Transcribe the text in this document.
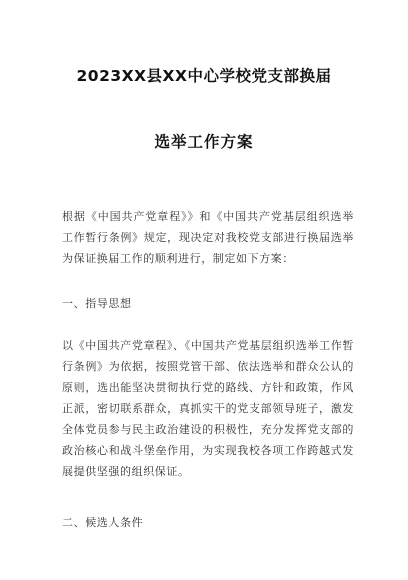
2023XX县XX中心学校党支部换届
选举工作方案

根据《中国共产党章程》》和《中国共产党基层组织选举工作暂行条例》规定，现决定对我校党支部进行换届选举为保证换届工作的顺利进行，制定如下方案：

一、指导思想

以《中国共产党章程》、《中国共产党基层组织选举工作暂行条例》为依据，按照党管干部、依法选举和群众公认的原则，选出能坚决贯彻执行党的路线、方针和政策，作风正派，密切联系群众，真抓实干的党支部领导班子，激发全体党员参与民主政治建设的积极性，充分发挥党支部的政治核心和战斗堡垒作用，为实现我校各项工作跨越式发展提供坚强的组织保证。

二、候选人条件
